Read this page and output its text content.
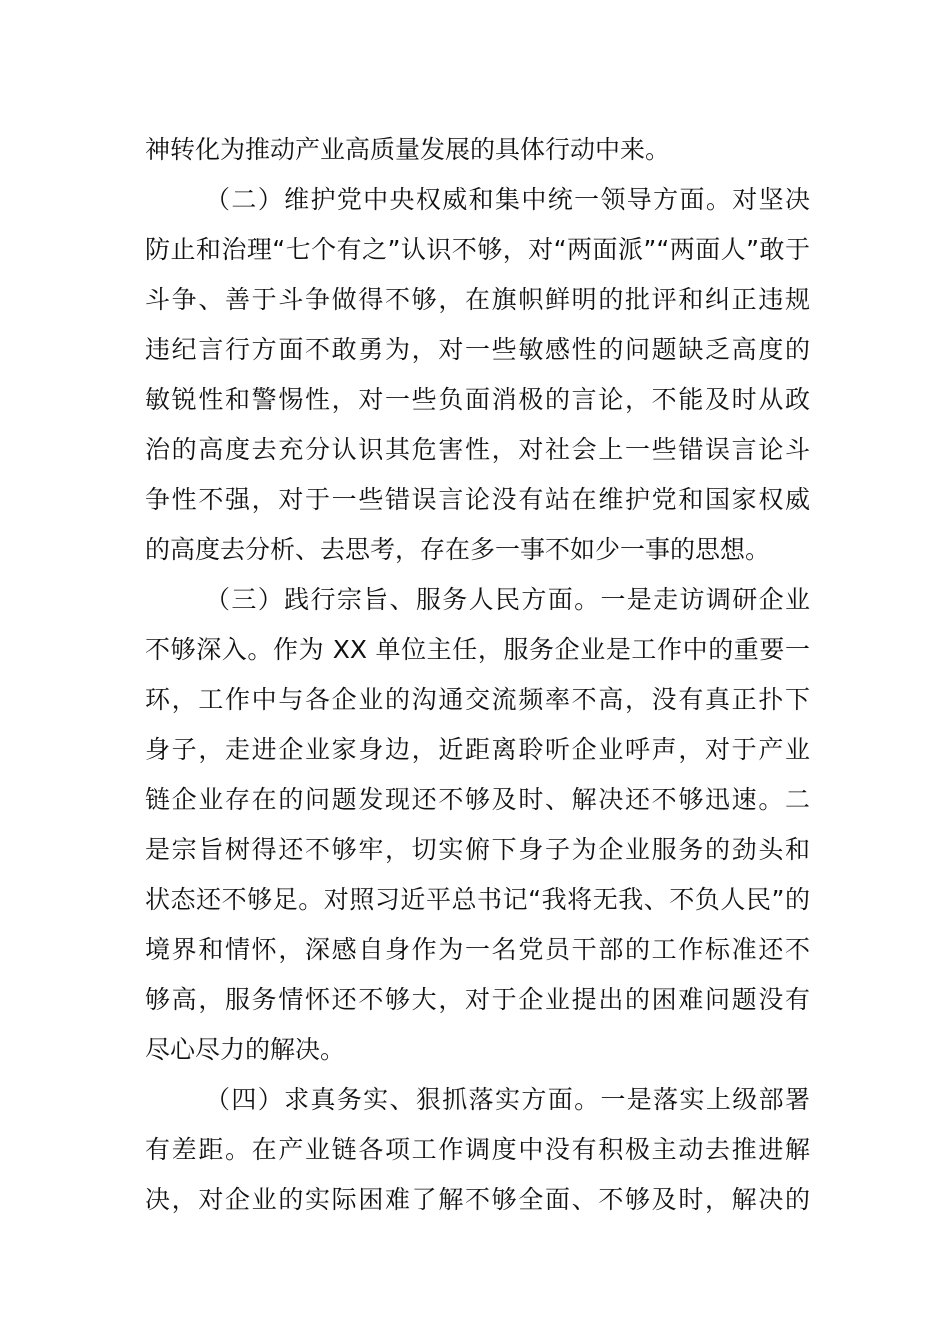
神转化为推动产业高质量发展的具体行动中来。
（二）维护党中央权威和集中统一领导方面。对坚决
防止和治理“七个有之”认识不够，对“两面派”“两面人”敢于
斗争、善于斗争做得不够，在旗帜鲜明的批评和纠正违规
违纪言行方面不敢勇为，对一些敏感性的问题缺乏高度的
敏锐性和警惕性，对一些负面消极的言论，不能及时从政
治的高度去充分认识其危害性，对社会上一些错误言论斗
争性不强，对于一些错误言论没有站在维护党和国家权威
的高度去分析、去思考，存在多一事不如少一事的思想。
（三）践行宗旨、服务人民方面。一是走访调研企业
不够深入。作为 XX 单位主任，服务企业是工作中的重要一
环，工作中与各企业的沟通交流频率不高，没有真正扑下
身子，走进企业家身边，近距离聆听企业呼声，对于产业
链企业存在的问题发现还不够及时、解决还不够迅速。二
是宗旨树得还不够牢，切实俯下身子为企业服务的劲头和
状态还不够足。对照习近平总书记“我将无我、不负人民”的
境界和情怀，深感自身作为一名党员干部的工作标准还不
够高，服务情怀还不够大，对于企业提出的困难问题没有
尽心尽力的解决。
（四）求真务实、狠抓落实方面。一是落实上级部署
有差距。在产业链各项工作调度中没有积极主动去推进解
决，对企业的实际困难了解不够全面、不够及时，解决的
